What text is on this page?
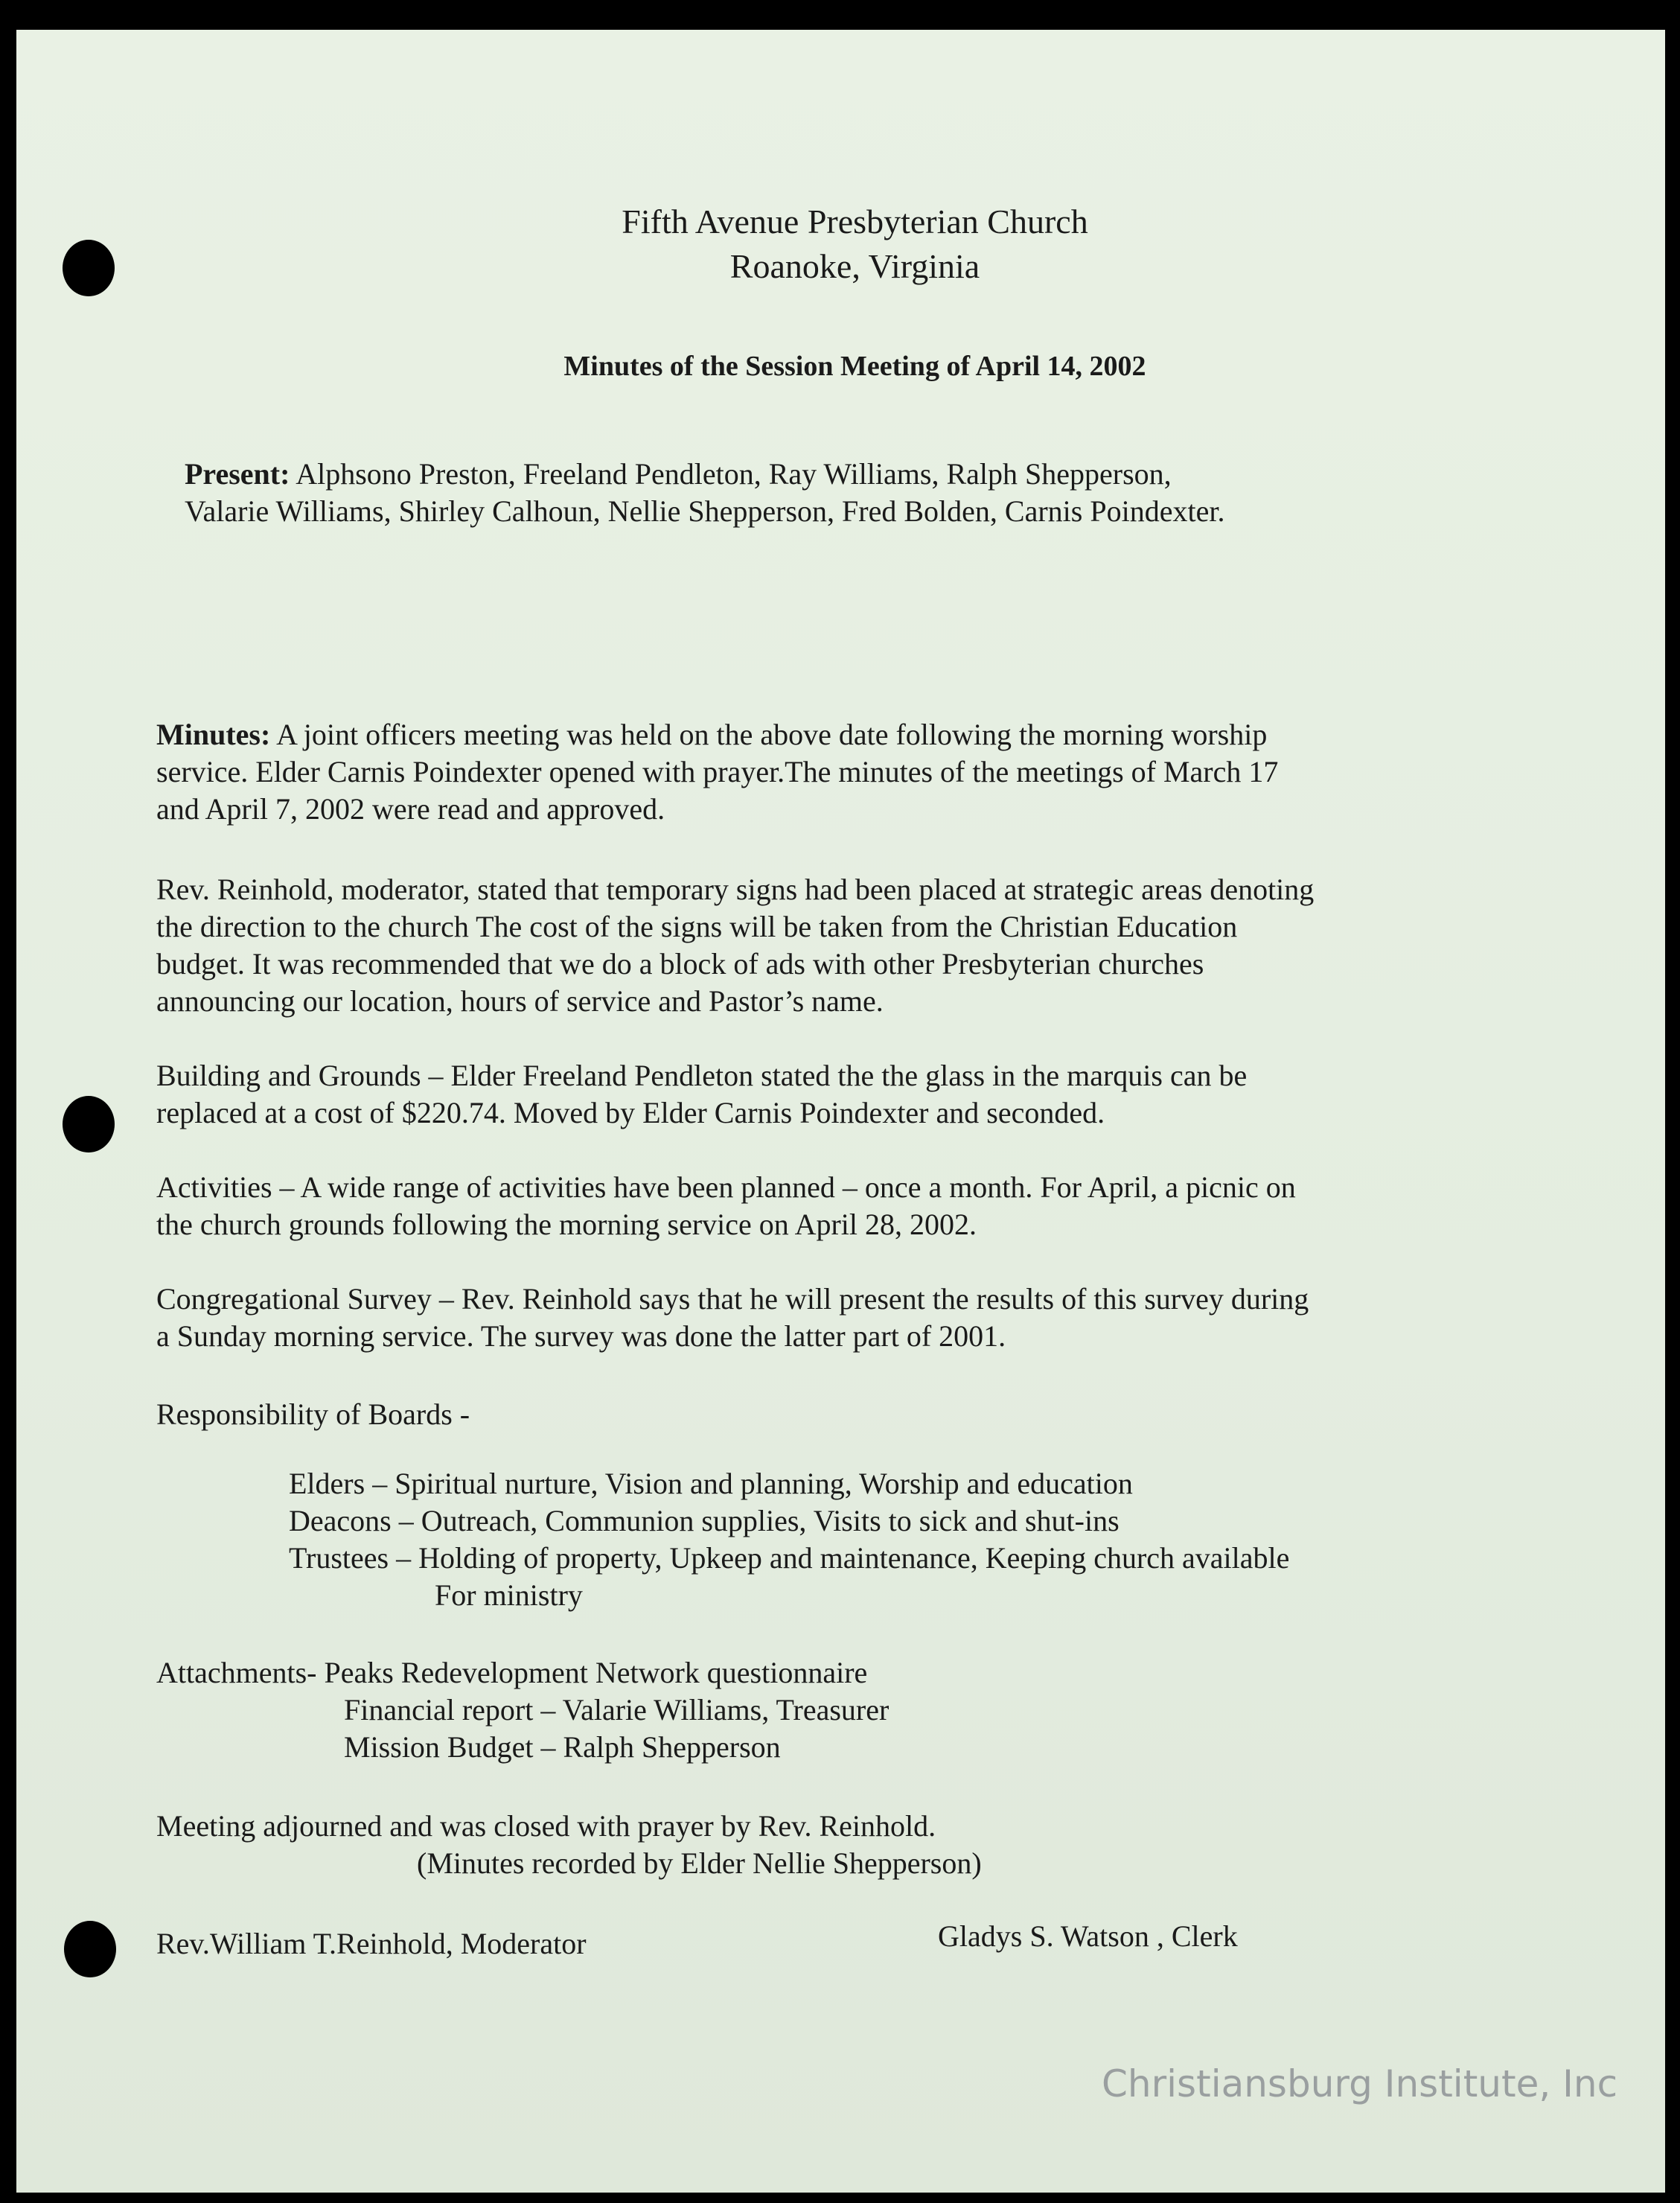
Fifth Avenue Presbyterian Church
Roanoke, Virginia
Minutes of the Session Meeting of April 14, 2002
Present: Alphsono Preston, Freeland Pendleton, Ray Williams, Ralph Shepperson,
Valarie Williams, Shirley Calhoun, Nellie Shepperson, Fred Bolden, Carnis Poindexter.
Minutes: A joint officers meeting was held on the above date following the morning worship
service. Elder Carnis Poindexter opened with prayer.The minutes of the meetings of March 17
and April 7, 2002 were read and approved.
Rev. Reinhold, moderator, stated that temporary signs had been placed at strategic areas denoting
the direction to the church The cost of the signs will be taken from the Christian Education
budget. It was recommended that we do a block of ads with other Presbyterian churches
announcing our location, hours of service and Pastor’s name.
Building and Grounds – Elder Freeland Pendleton stated the the glass in the marquis can be
replaced at a cost of $220.74. Moved by Elder Carnis Poindexter and seconded.
Activities – A wide range of activities have been planned – once a month. For April, a picnic on
the church grounds following the morning service on April 28, 2002.
Congregational Survey – Rev. Reinhold says that he will present the results of this survey during
a Sunday morning service. The survey was done the latter part of 2001.
Responsibility of Boards -
Elders – Spiritual nurture, Vision and planning, Worship and education
Deacons – Outreach, Communion supplies, Visits to sick and shut-ins
Trustees – Holding of property, Upkeep and maintenance, Keeping church available
For ministry
Attachments- Peaks Redevelopment Network questionnaire
Financial report – Valarie Williams, Treasurer
Mission Budget – Ralph Shepperson
Meeting adjourned and was closed with prayer by Rev. Reinhold.
(Minutes recorded by Elder Nellie Shepperson)
Rev.William T.Reinhold, Moderator	Gladys S. Watson , Clerk
Christiansburg Institute, Inc
